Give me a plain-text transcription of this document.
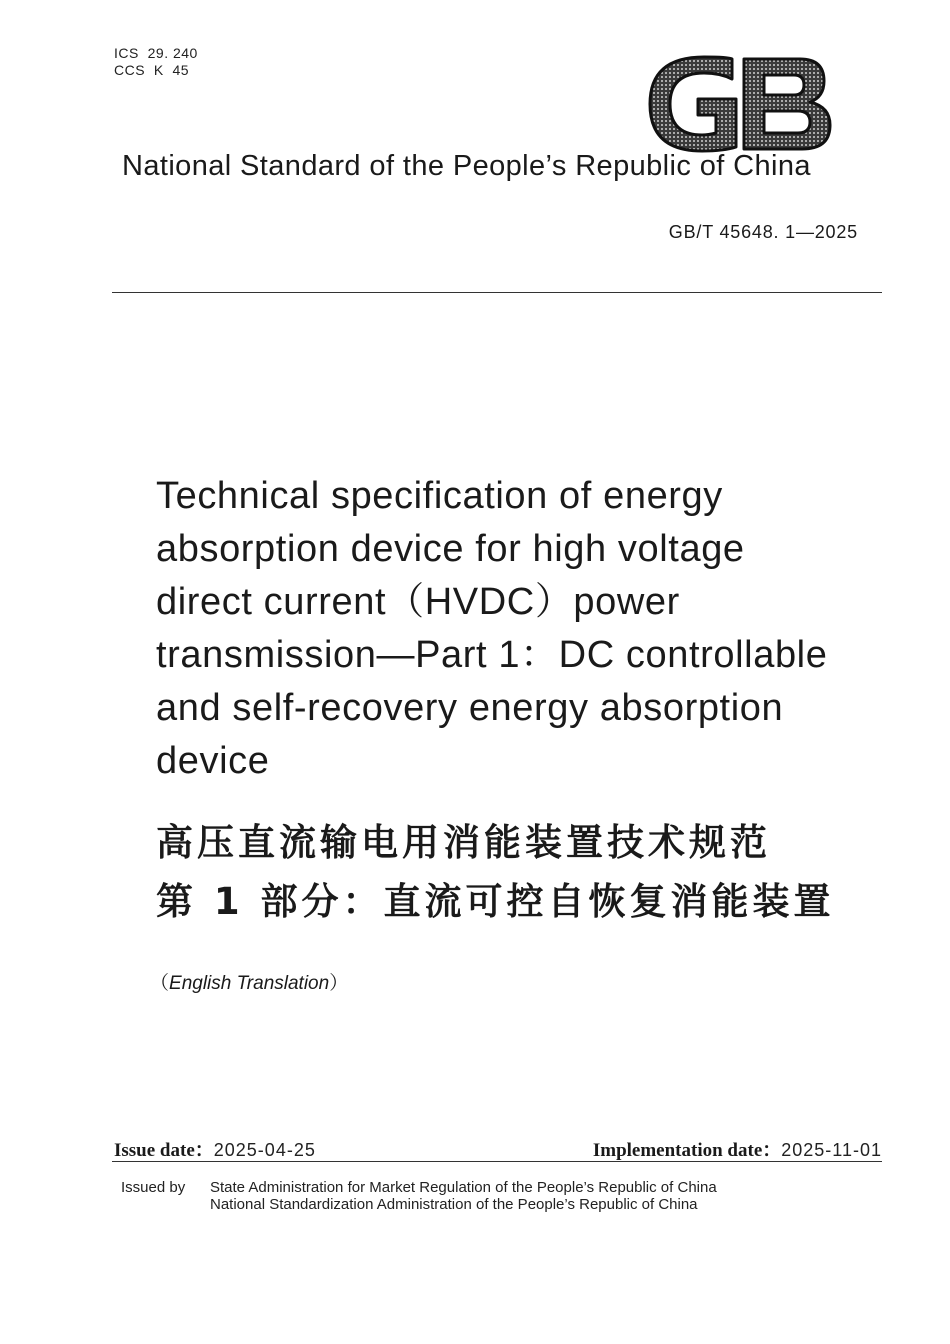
ICS  29. 240
CCS  K  45
National Standard of the People’s Republic of China
GB/T 45648. 1—2025
Technical specification of energy
absorption device for high voltage
direct current（HVDC）power
transmission—Part 1：DC controllable
and self-recovery energy absorption
device
高压直流输电用消能装置技术规范
第 1 部分：直流可控自恢复消能装置
（English Translation）
Issue date：2025-04-25	Implementation date：2025-11-01
Issued by State Administration for Market Regulation of the People’s Republic of China
National Standardization Administration of the People’s Republic of China
